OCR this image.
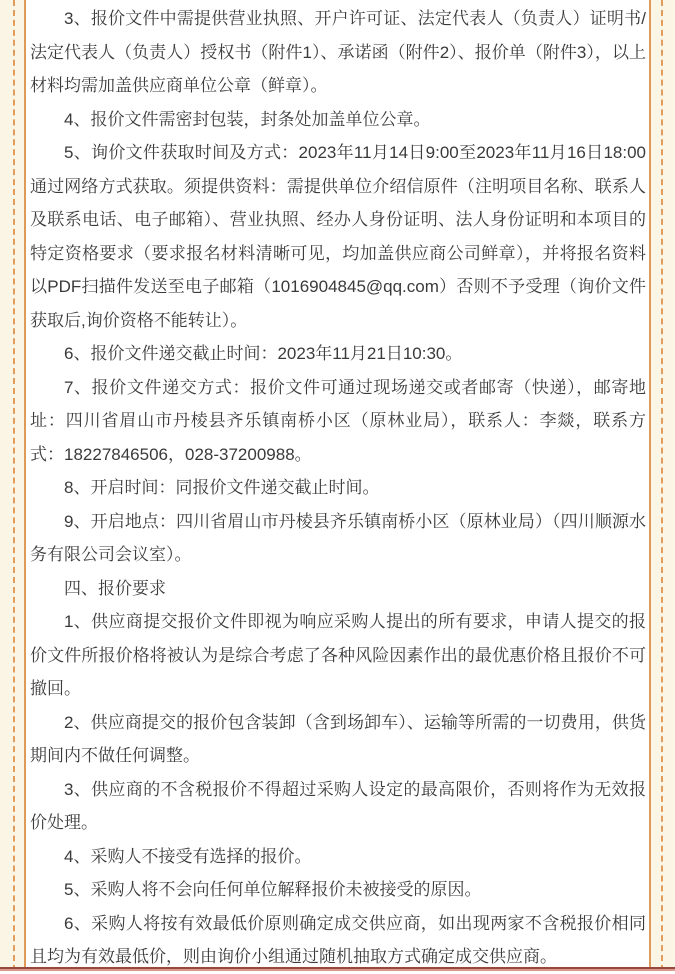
3、报价文件中需提供营业执照、开户许可证、法定代表人（负责人）证明书/法定代表人（负责人）授权书（附件1）、承诺函（附件2）、报价单（附件3），以上材料均需加盖供应商单位公章（鲜章）。

4、报价文件需密封包装，封条处加盖单位公章。

5、询价文件获取时间及方式：2023年11月14日9:00至2023年11月16日18:00通过网络方式获取。须提供资料：需提供单位介绍信原件（注明项目名称、联系人及联系电话、电子邮箱）、营业执照、经办人身份证明、法人身份证明和本项目的特定资格要求（要求报名材料清晰可见，均加盖供应商公司鲜章），并将报名资料以PDF扫描件发送至电子邮箱（1016904845@qq.com）否则不予受理（询价文件获取后,询价资格不能转让）。

6、报价文件递交截止时间：2023年11月21日10:30。

7、报价文件递交方式：报价文件可通过现场递交或者邮寄（快递），邮寄地址：四川省眉山市丹棱县齐乐镇南桥小区（原林业局），联系人：李燚，联系方式：18227846506，028-37200988。

8、开启时间：同报价文件递交截止时间。

9、开启地点：四川省眉山市丹棱县齐乐镇南桥小区（原林业局）（四川顺源水务有限公司会议室）。

四、报价要求

1、供应商提交报价文件即视为响应采购人提出的所有要求，申请人提交的报价文件所报价格将被认为是综合考虑了各种风险因素作出的最优惠价格且报价不可撤回。

2、供应商提交的报价包含装卸（含到场卸车）、运输等所需的一切费用，供货期间内不做任何调整。

3、供应商的不含税报价不得超过采购人设定的最高限价，否则将作为无效报价处理。

4、采购人不接受有选择的报价。

5、采购人将不会向任何单位解释报价未被接受的原因。

6、采购人将按有效最低价原则确定成交供应商，如出现两家不含税报价相同且均为有效最低价，则由询价小组通过随机抽取方式确定成交供应商。
